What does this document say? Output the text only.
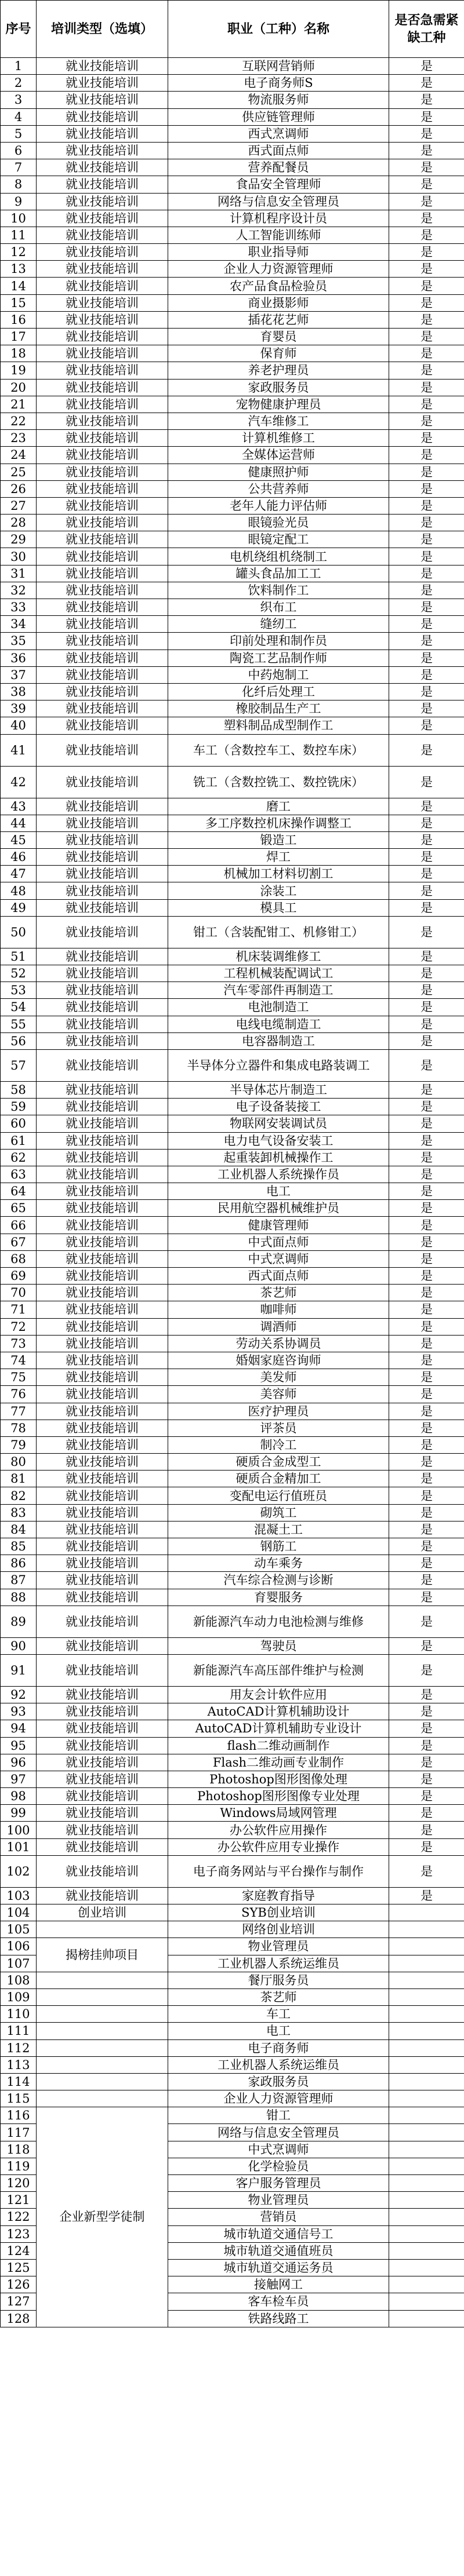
序号	培训类型（选填）	职业（工种）名称	是否急需紧缺工种
1	就业技能培训	互联网营销师	是
2	就业技能培训	电子商务师S	是
3	就业技能培训	物流服务师	是
4	就业技能培训	供应链管理师	是
5	就业技能培训	西式烹调师	是
6	就业技能培训	西式面点师	是
7	就业技能培训	营养配餐员	是
8	就业技能培训	食品安全管理师	是
9	就业技能培训	网络与信息安全管理员	是
10	就业技能培训	计算机程序设计员	是
11	就业技能培训	人工智能训练师	是
12	就业技能培训	职业指导师	是
13	就业技能培训	企业人力资源管理师	是
14	就业技能培训	农产品食品检验员	是
15	就业技能培训	商业摄影师	是
16	就业技能培训	插花花艺师	是
17	就业技能培训	育婴员	是
18	就业技能培训	保育师	是
19	就业技能培训	养老护理员	是
20	就业技能培训	家政服务员	是
21	就业技能培训	宠物健康护理员	是
22	就业技能培训	汽车维修工	是
23	就业技能培训	计算机维修工	是
24	就业技能培训	全媒体运营师	是
25	就业技能培训	健康照护师	是
26	就业技能培训	公共营养师	是
27	就业技能培训	老年人能力评估师	是
28	就业技能培训	眼镜验光员	是
29	就业技能培训	眼镜定配工	是
30	就业技能培训	电机绕组机绕制工	是
31	就业技能培训	罐头食品加工工	是
32	就业技能培训	饮料制作工	是
33	就业技能培训	织布工	是
34	就业技能培训	缝纫工	是
35	就业技能培训	印前处理和制作员	是
36	就业技能培训	陶瓷工艺品制作师	是
37	就业技能培训	中药炮制工	是
38	就业技能培训	化纤后处理工	是
39	就业技能培训	橡胶制品生产工	是
40	就业技能培训	塑料制品成型制作工	是
41	就业技能培训	车工（含数控车工、数控车床）	是
42	就业技能培训	铣工（含数控铣工、数控铣床）	是
43	就业技能培训	磨工	是
44	就业技能培训	多工序数控机床操作调整工	是
45	就业技能培训	锻造工	是
46	就业技能培训	焊工	是
47	就业技能培训	机械加工材料切割工	是
48	就业技能培训	涂装工	是
49	就业技能培训	模具工	是
50	就业技能培训	钳工（含装配钳工、机修钳工）	是
51	就业技能培训	机床装调维修工	是
52	就业技能培训	工程机械装配调试工	是
53	就业技能培训	汽车零部件再制造工	是
54	就业技能培训	电池制造工	是
55	就业技能培训	电线电缆制造工	是
56	就业技能培训	电容器制造工	是
57	就业技能培训	半导体分立器件和集成电路装调工	是
58	就业技能培训	半导体芯片制造工	是
59	就业技能培训	电子设备装接工	是
60	就业技能培训	物联网安装调试员	是
61	就业技能培训	电力电气设备安装工	是
62	就业技能培训	起重装卸机械操作工	是
63	就业技能培训	工业机器人系统操作员	是
64	就业技能培训	电工	是
65	就业技能培训	民用航空器机械维护员	是
66	就业技能培训	健康管理师	是
67	就业技能培训	中式面点师	是
68	就业技能培训	中式烹调师	是
69	就业技能培训	西式面点师	是
70	就业技能培训	茶艺师	是
71	就业技能培训	咖啡师	是
72	就业技能培训	调酒师	是
73	就业技能培训	劳动关系协调员	是
74	就业技能培训	婚姻家庭咨询师	是
75	就业技能培训	美发师	是
76	就业技能培训	美容师	是
77	就业技能培训	医疗护理员	是
78	就业技能培训	评茶员	是
79	就业技能培训	制冷工	是
80	就业技能培训	硬质合金成型工	是
81	就业技能培训	硬质合金精加工	是
82	就业技能培训	变配电运行值班员	是
83	就业技能培训	砌筑工	是
84	就业技能培训	混凝土工	是
85	就业技能培训	钢筋工	是
86	就业技能培训	动车乘务	是
87	就业技能培训	汽车综合检测与诊断	是
88	就业技能培训	育婴服务	是
89	就业技能培训	新能源汽车动力电池检测与维修	是
90	就业技能培训	驾驶员	是
91	就业技能培训	新能源汽车高压部件维护与检测	是
92	就业技能培训	用友会计软件应用	是
93	就业技能培训	AutoCAD计算机辅助设计	是
94	就业技能培训	AutoCAD计算机辅助专业设计	是
95	就业技能培训	flash二维动画制作	是
96	就业技能培训	Flash二维动画专业制作	是
97	就业技能培训	Photoshop图形图像处理	是
98	就业技能培训	Photoshop图形图像专业处理	是
99	就业技能培训	Windows局域网管理	是
100	就业技能培训	办公软件应用操作	是
101	就业技能培训	办公软件应用专业操作	是
102	就业技能培训	电子商务网站与平台操作与制作	是
103	就业技能培训	家庭教育指导	是
104	创业培训	SYB创业培训	
105		网络创业培训	
106	揭榜挂帅项目	物业管理员	
107		工业机器人系统运维员	
108		餐厅服务员	
109		茶艺师	
110		车工	
111		电工	
112		电子商务师	
113		工业机器人系统运维员	
114		家政服务员	
115		企业人力资源管理师	
116	企业新型学徒制	钳工	
117		网络与信息安全管理员	
118		中式烹调师	
119		化学检验员	
120		客户服务管理员	
121		物业管理员	
122		营销员	
123		城市轨道交通信号工	
124		城市轨道交通值班员	
125		城市轨道交通运务员	
126		接触网工	
127		客车检车员	
128		铁路线路工	
